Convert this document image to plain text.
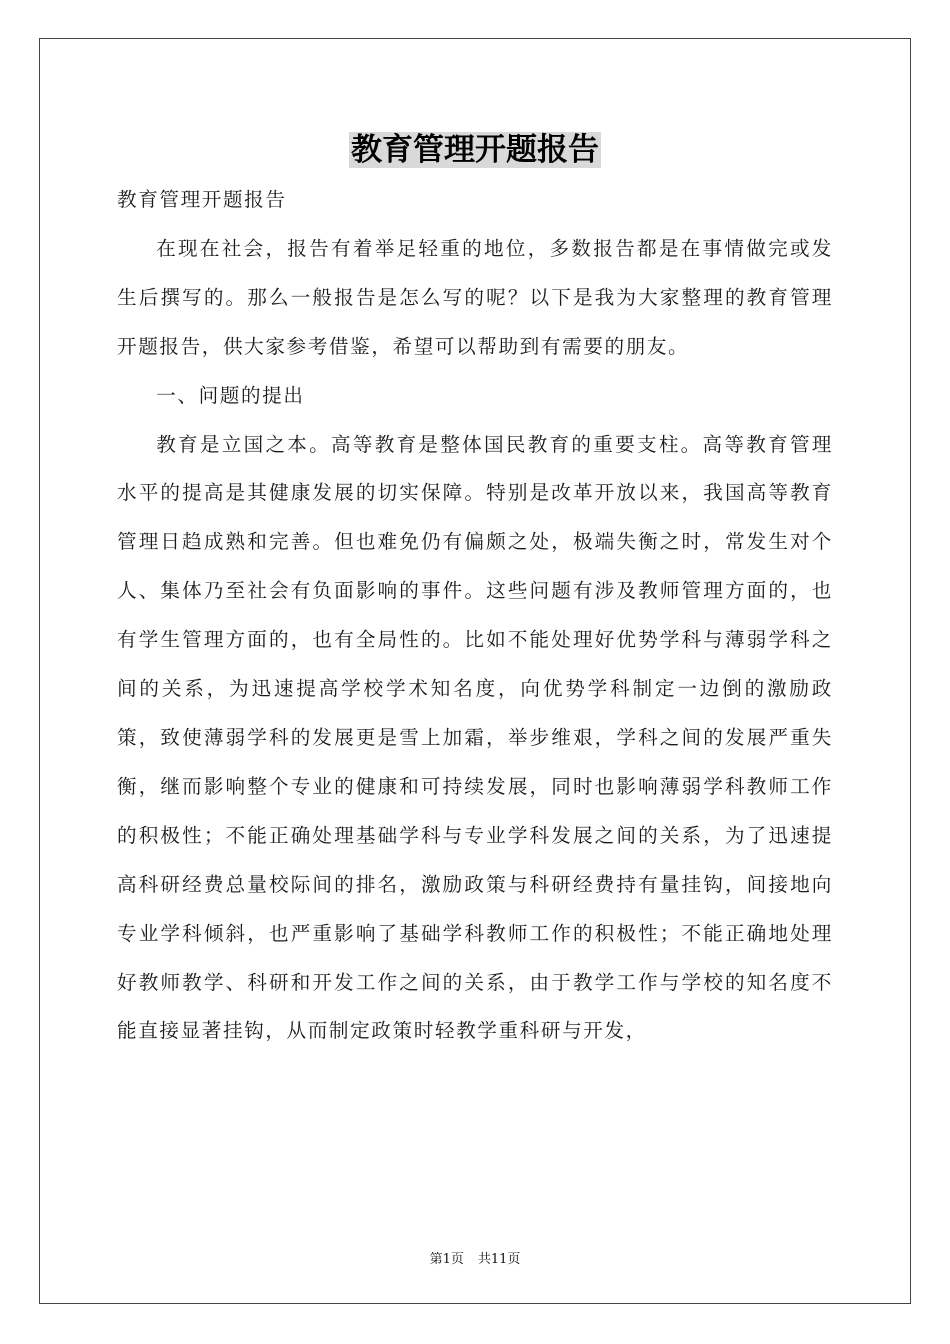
教育管理开题报告

教育管理开题报告

在现在社会，报告有着举足轻重的地位，多数报告都是在事情做完或发生后撰写的。那么一般报告是怎么写的呢？以下是我为大家整理的教育管理开题报告，供大家参考借鉴，希望可以帮助到有需要的朋友。

一、问题的提出

教育是立国之本。高等教育是整体国民教育的重要支柱。高等教育管理水平的提高是其健康发展的切实保障。特别是改革开放以来，我国高等教育管理日趋成熟和完善。但也难免仍有偏颇之处，极端失衡之时，常发生对个人、集体乃至社会有负面影响的事件。这些问题有涉及教师管理方面的，也有学生管理方面的，也有全局性的。比如不能处理好优势学科与薄弱学科之间的关系，为迅速提高学校学术知名度，向优势学科制定一边倒的激励政策，致使薄弱学科的发展更是雪上加霜，举步维艰，学科之间的发展严重失衡，继而影响整个专业的健康和可持续发展，同时也影响薄弱学科教师工作的积极性；不能正确处理基础学科与专业学科发展之间的关系，为了迅速提高科研经费总量校际间的排名，激励政策与科研经费持有量挂钩，间接地向专业学科倾斜，也严重影响了基础学科教师工作的积极性；不能正确地处理好教师教学、科研和开发工作之间的关系，由于教学工作与学校的知名度不能直接显著挂钩，从而制定政策时轻教学重科研与开发，

第1页 共11页
